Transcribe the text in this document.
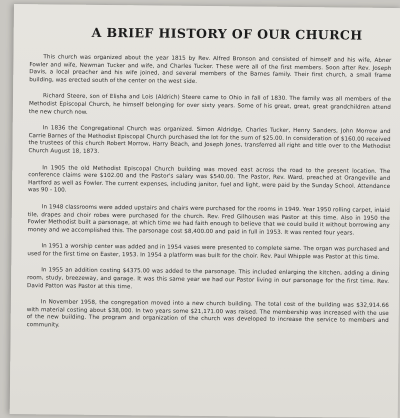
A BRIEF HISTORY OF OUR CHURCH

This church was organized about the year 1815 by Rev. Alfred Bronson and consisted of himself and his wife, Abner Fowler and wife, Newman Tucker and wife, and Charles Tucker. These were all of the first members. Soon after Rev. Joseph Davis, a local preacher and his wife joined, and several members of the Barnes family. Their first church, a small frame building, was erected south of the center on the west side.

Richard Steere, son of Elisha and Lois (Aldrich) Steere came to Ohio in fall of 1830. The family was all members of the Methodist Episcopal Church, he himself belonging for over sixty years. Some of his great, great, great grandchildren attend the new church now.

In 1836 the Congregational Church was organized. Simon Aldridge, Charles Tucker, Henry Sanders, John Morrow and Carrie Barnes of the Methodist Episcopal Church purchased the lot for the sum of $25.00. In consideration of $160.00 received the trustees of this church Robert Morrow, Harry Beach, and Joseph Jones, transferred all right and title over to the Methodist Church August 18, 1873.

In 1905 the old Methodist Episcopal Church building was moved east across the road to the present location. The conference claims were $102.00 and the Pastor's salary was $540.00. The Pastor, Rev. Ward, preached at Orangeville and Hartford as well as Fowler. The current expenses, including janitor, fuel and light, were paid by the Sunday School. Attendance was 90 - 100.

In 1948 classrooms were added upstairs and chairs were purchased for the rooms in 1949. Year 1950 rolling carpet, inlaid tile, drapes and choir robes were purchased for the church. Rev. Fred Gilhousen was Pastor at this time. Also in 1950 the Fowler Methodist built a parsonage, at which time we had faith enough to believe that we could build it without borrowing any money and we accomplished this. The parsonage cost $8,400.00 and paid in full in 1953. It was rented four years.

In 1951 a worship center was added and in 1954 vases were presented to complete same. The organ was purchased and used for the first time on Easter, 1953. In 1954 a platform was built for the choir. Rev. Paul Whipple was Pastor at this time.

In 1955 an addition costing $4375.00 was added to the parsonage. This included enlarging the kitchen, adding a dining room, study, breezeway, and garage. It was this same year we had our Pastor living in our parsonage for the first time. Rev. David Patton was Pastor at this time.

In November 1958, the congregation moved into a new church building. The total cost of the building was $32,914.66 with material costing about $38,000. In two years some $21,171.00 was raised. The membership was increased with the use of the new building. The program and organization of the church was developed to increase the service to members and community.
